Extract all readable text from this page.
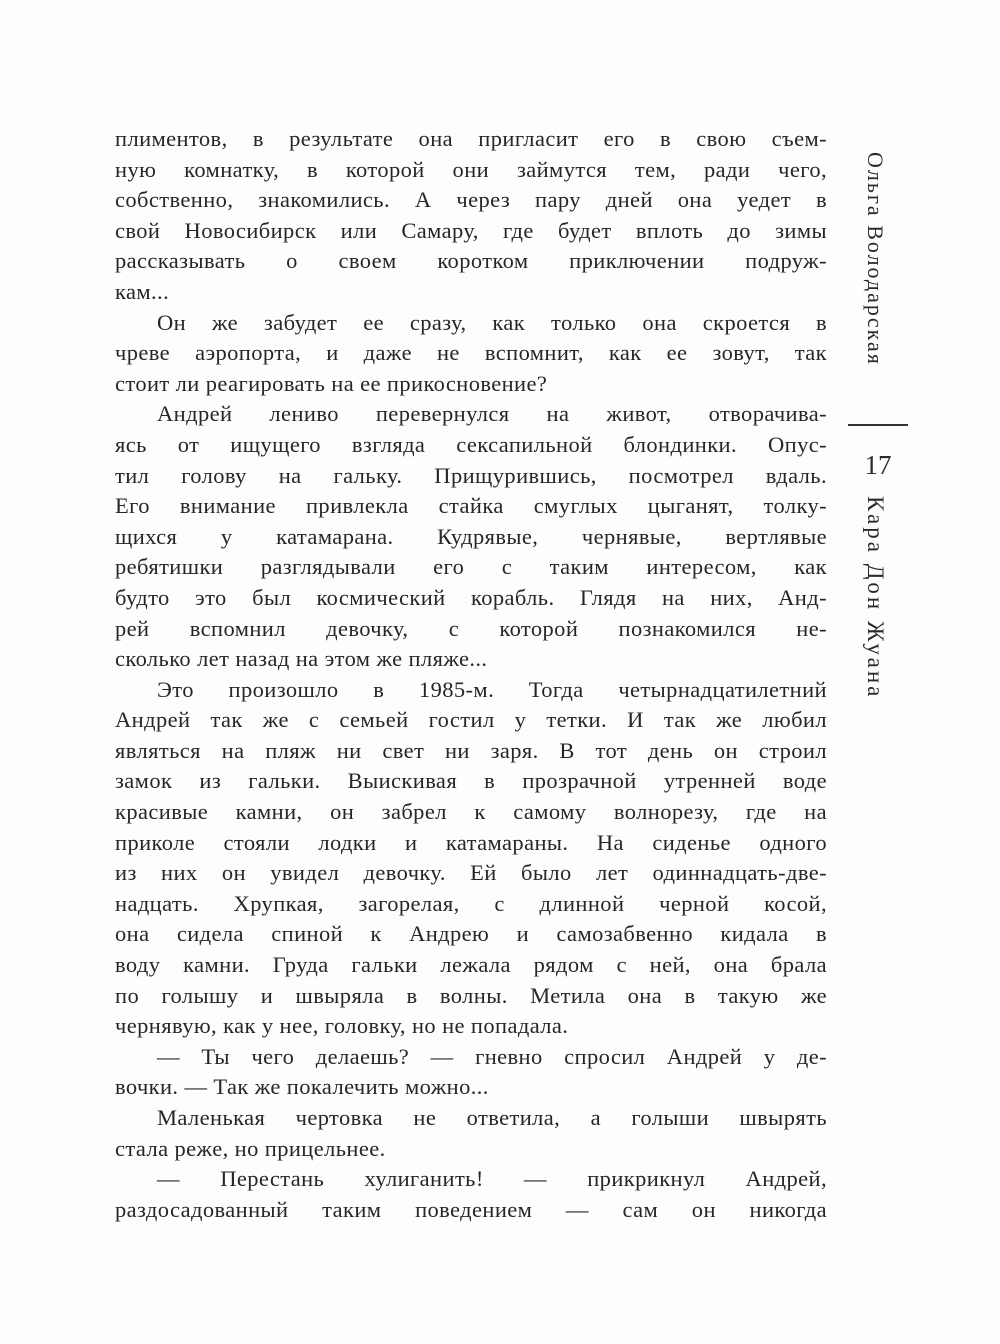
плиментов, в результате она пригласит его в свою съем-
ную комнатку, в которой они займутся тем, ради чего,
собственно, знакомились. А через пару дней она уедет в
свой Новосибирск или Самару, где будет вплоть до зимы
рассказывать о своем коротком приключении подруж-
кам...
Он же забудет ее сразу, как только она скроется в
чреве аэропорта, и даже не вспомнит, как ее зовут, так
стоит ли реагировать на ее прикосновение?
Андрей лениво перевернулся на живот, отворачива-
ясь от ищущего взгляда сексапильной блондинки. Опус-
тил голову на гальку. Прищурившись, посмотрел вдаль.
Его внимание привлекла стайка смуглых цыганят, толку-
щихся у катамарана. Кудрявые, чернявые, вертлявые
ребятишки разглядывали его с таким интересом, как
будто это был космический корабль. Глядя на них, Анд-
рей вспомнил девочку, с которой познакомился не-
сколько лет назад на этом же пляже...
Это произошло в 1985-м. Тогда четырнадцатилетний
Андрей так же с семьей гостил у тетки. И так же любил
являться на пляж ни свет ни заря. В тот день он строил
замок из гальки. Выискивая в прозрачной утренней воде
красивые камни, он забрел к самому волнорезу, где на
приколе стояли лодки и катамараны. На сиденье одного
из них он увидел девочку. Ей было лет одиннадцать-две-
надцать. Хрупкая, загорелая, с длинной черной косой,
она сидела спиной к Андрею и самозабвенно кидала в
воду камни. Груда гальки лежала рядом с ней, она брала
по голышу и швыряла в волны. Метила она в такую же
чернявую, как у нее, головку, но не попадала.
— Ты чего делаешь? — гневно спросил Андрей у де-
вочки. — Так же покалечить можно...
Маленькая чертовка не ответила, а голыши швырять
стала реже, но прицельнее.
— Перестань хулиганить! — прикрикнул Андрей,
раздосадованный таким поведением — сам он никогда
Ольга Володарская
17
Кара Дон Жуана
